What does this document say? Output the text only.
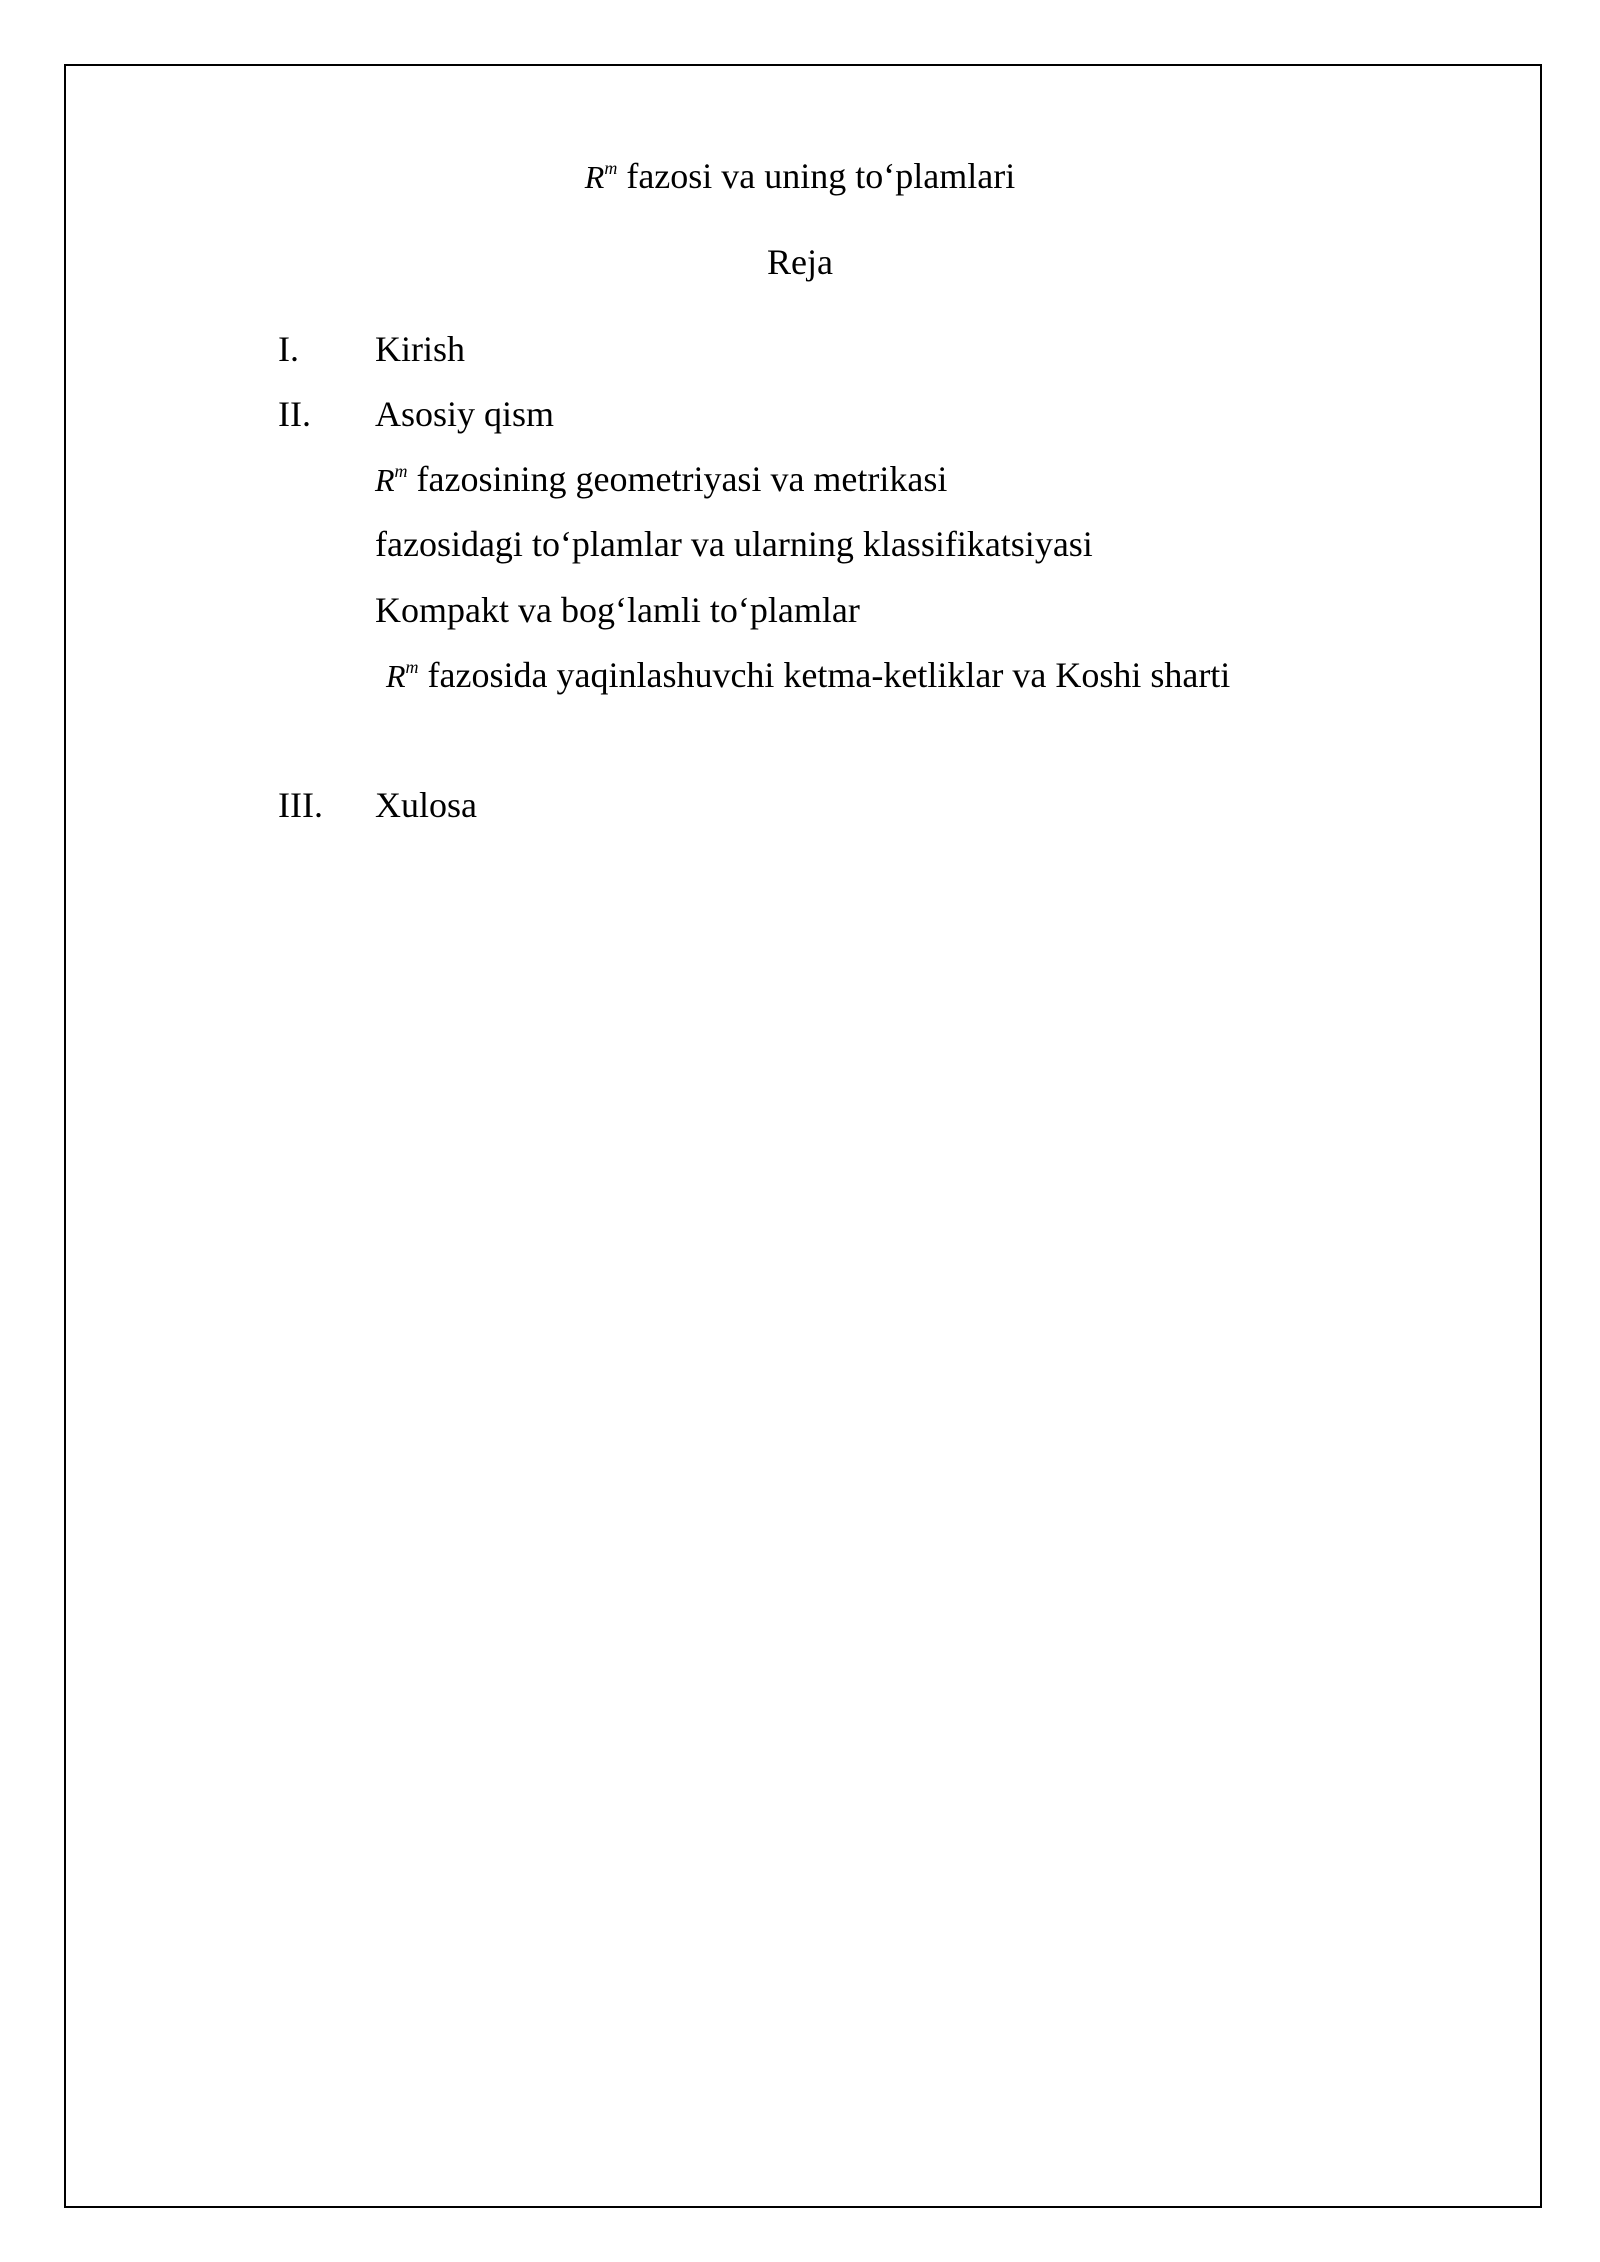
$R^m$ fazosi va uning to‘plamlari
Reja
I. Kirish
II. Asosiy qism
$R^m$ fazosining geometriyasi va metrikasi
fazosidagi to‘plamlar va ularning klassifikatsiyasi
Kompakt va bog‘lamli to‘plamlar
$R^m$ fazosida yaqinlashuvchi ketma-ketliklar va Koshi sharti
III. Xulosa
